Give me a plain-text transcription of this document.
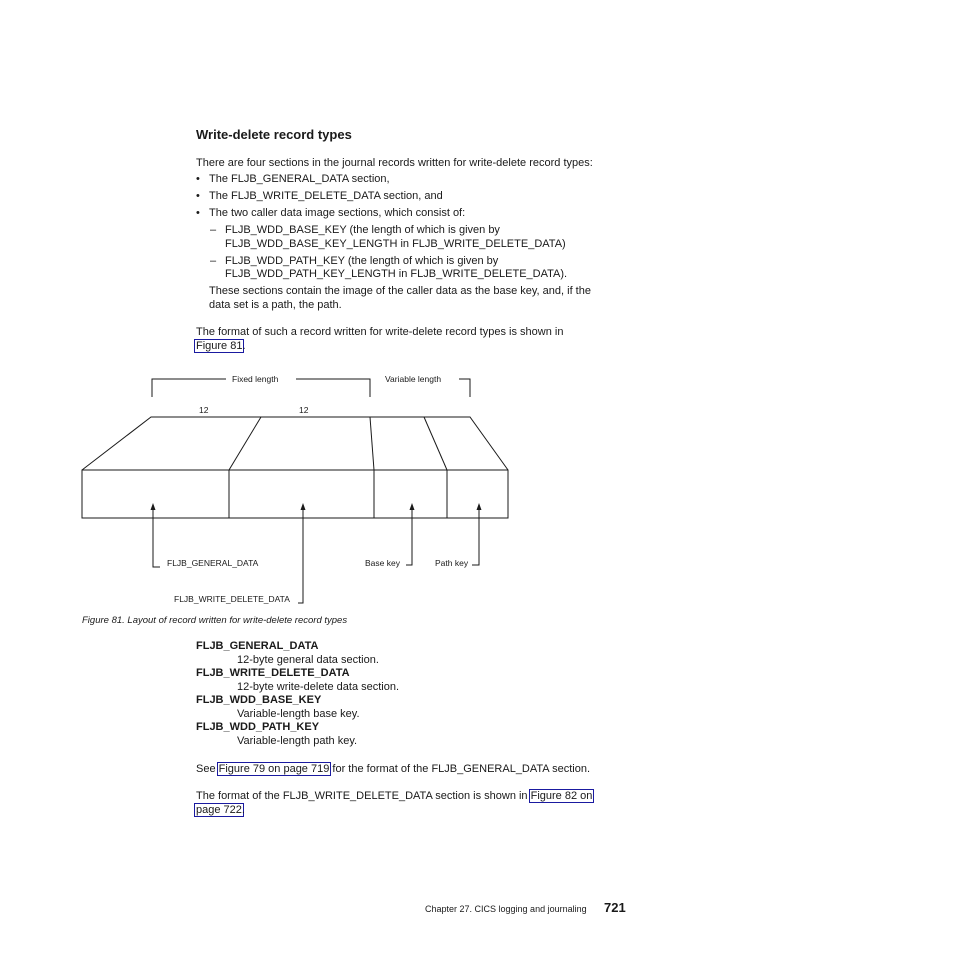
Write-delete record types
There are four sections in the journal records written for write-delete record types:
• The FLJB_GENERAL_DATA section,
• The FLJB_WRITE_DELETE_DATA section, and
• The two caller data image sections, which consist of:
– FLJB_WDD_BASE_KEY (the length of which is given by
FLJB_WDD_BASE_KEY_LENGTH in FLJB_WRITE_DELETE_DATA)
– FLJB_WDD_PATH_KEY (the length of which is given by
FLJB_WDD_PATH_KEY_LENGTH in FLJB_WRITE_DELETE_DATA).
These sections contain the image of the caller data as the base key, and, if the
data set is a path, the path.
The format of such a record written for write-delete record types is shown in
Figure 81.
Fixed length	Variable length
12	12
FLJB_GENERAL_DATA
FLJB_WRITE_DELETE_DATA
Base key	Path key
Figure 81. Layout of record written for write-delete record types
FLJB_GENERAL_DATA
12-byte general data section.
FLJB_WRITE_DELETE_DATA
12-byte write-delete data section.
FLJB_WDD_BASE_KEY
Variable-length base key.
FLJB_WDD_PATH_KEY
Variable-length path key.
See Figure 79 on page 719 for the format of the FLJB_GENERAL_DATA section.
The format of the FLJB_WRITE_DELETE_DATA section is shown in Figure 82 on
page 722.
Chapter 27. CICS logging and journaling 721
